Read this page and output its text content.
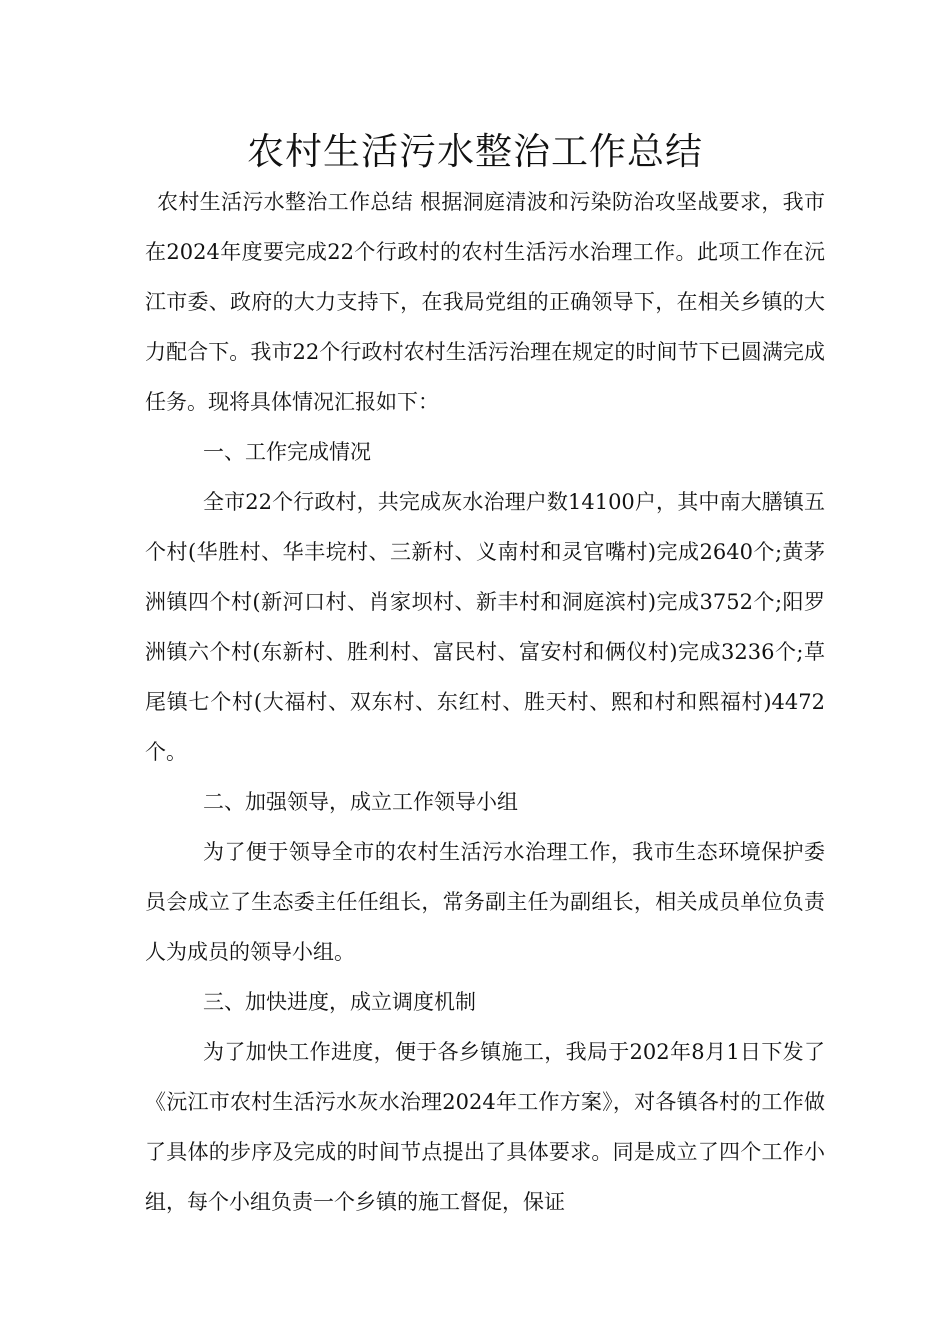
农村生活污水整治工作总结

农村生活污水整治工作总结 根据洞庭清波和污染防治攻坚战要求，我市在2024年度要完成22个行政村的农村生活污水治理工作。此项工作在沅江市委、政府的大力支持下，在我局党组的正确领导下，在相关乡镇的大力配合下。我市22个行政村农村生活污治理在规定的时间节下已圆满完成任务。现将具体情况汇报如下：

一、工作完成情况

全市22个行政村，共完成灰水治理户数14100户，其中南大膳镇五个村(华胜村、华丰垸村、三新村、义南村和灵官嘴村)完成2640个;黄茅洲镇四个村(新河口村、肖家坝村、新丰村和洞庭滨村)完成3752个;阳罗洲镇六个村(东新村、胜利村、富民村、富安村和俩仪村)完成3236个;草尾镇七个村(大福村、双东村、东红村、胜天村、熙和村和熙福村)4472个。

二、加强领导，成立工作领导小组

为了便于领导全市的农村生活污水治理工作，我市生态环境保护委员会成立了生态委主任任组长，常务副主任为副组长，相关成员单位负责人为成员的领导小组。

三、加快进度，成立调度机制

为了加快工作进度，便于各乡镇施工，我局于202年8月1日下发了《沅江市农村生活污水灰水治理2024年工作方案》，对各镇各村的工作做了具体的步序及完成的时间节点提出了具体要求。同是成立了四个工作小组，每个小组负责一个乡镇的施工督促，保证
